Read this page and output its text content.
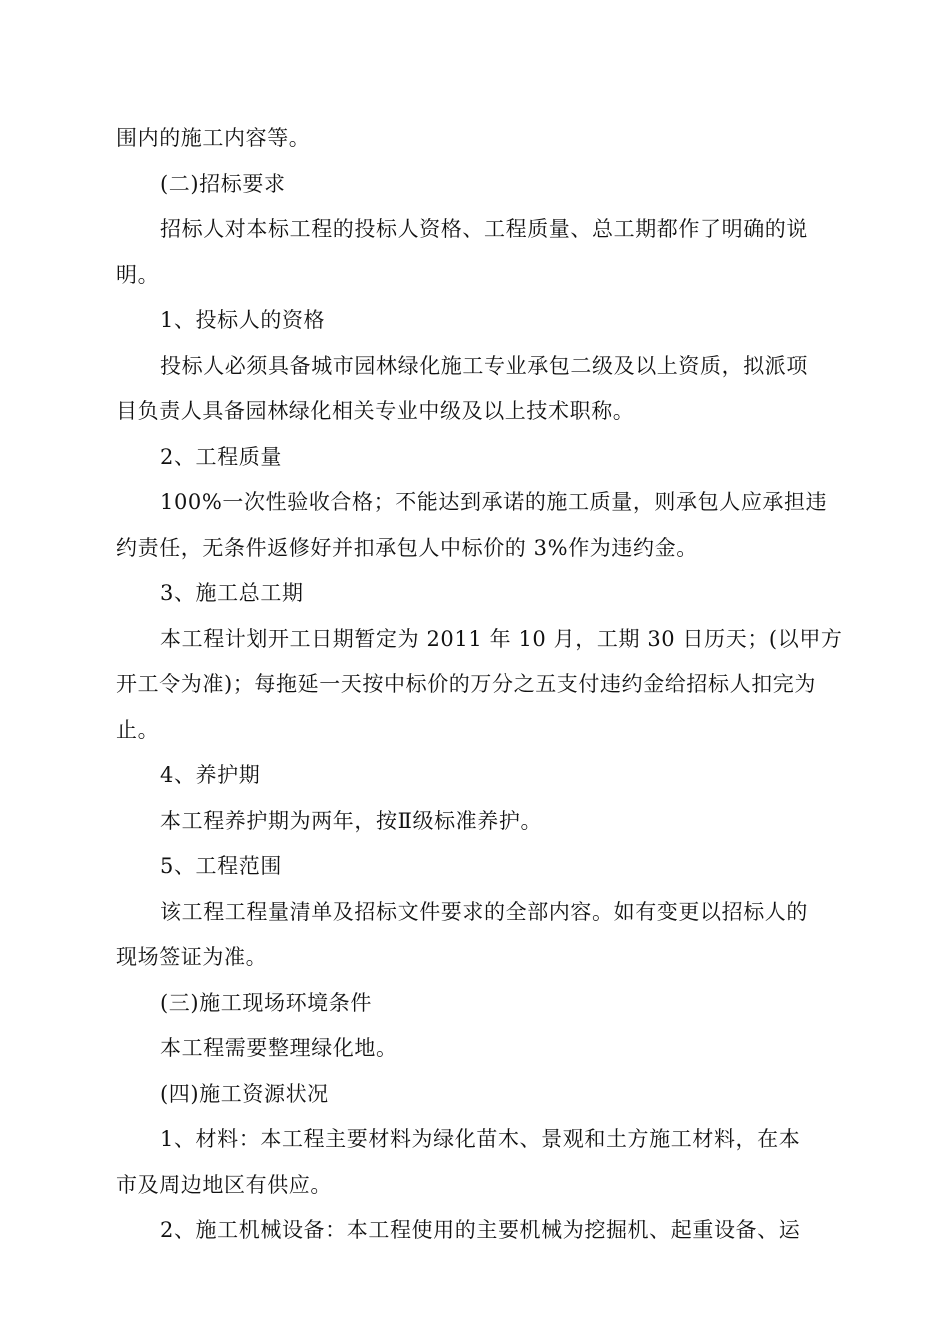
围内的施工内容等。
(二)招标要求
招标人对本标工程的投标人资格、工程质量、总工期都作了明确的说
明。
1、投标人的资格
投标人必须具备城市园林绿化施工专业承包二级及以上资质，拟派项
目负责人具备园林绿化相关专业中级及以上技术职称。
2、工程质量
100%一次性验收合格；不能达到承诺的施工质量，则承包人应承担违
约责任，无条件返修好并扣承包人中标价的 3%作为违约金。
3、施工总工期
本工程计划开工日期暂定为 2011 年 10 月，工期 30 日历天；(以甲方
开工令为准)；每拖延一天按中标价的万分之五支付违约金给招标人扣完为
止。
4、养护期
本工程养护期为两年，按Ⅱ级标准养护。
5、工程范围
该工程工程量清单及招标文件要求的全部内容。如有变更以招标人的
现场签证为准。
(三)施工现场环境条件
本工程需要整理绿化地。
(四)施工资源状况
1、材料：本工程主要材料为绿化苗木、景观和土方施工材料，在本
市及周边地区有供应。
2、施工机械设备：本工程使用的主要机械为挖掘机、起重设备、运
